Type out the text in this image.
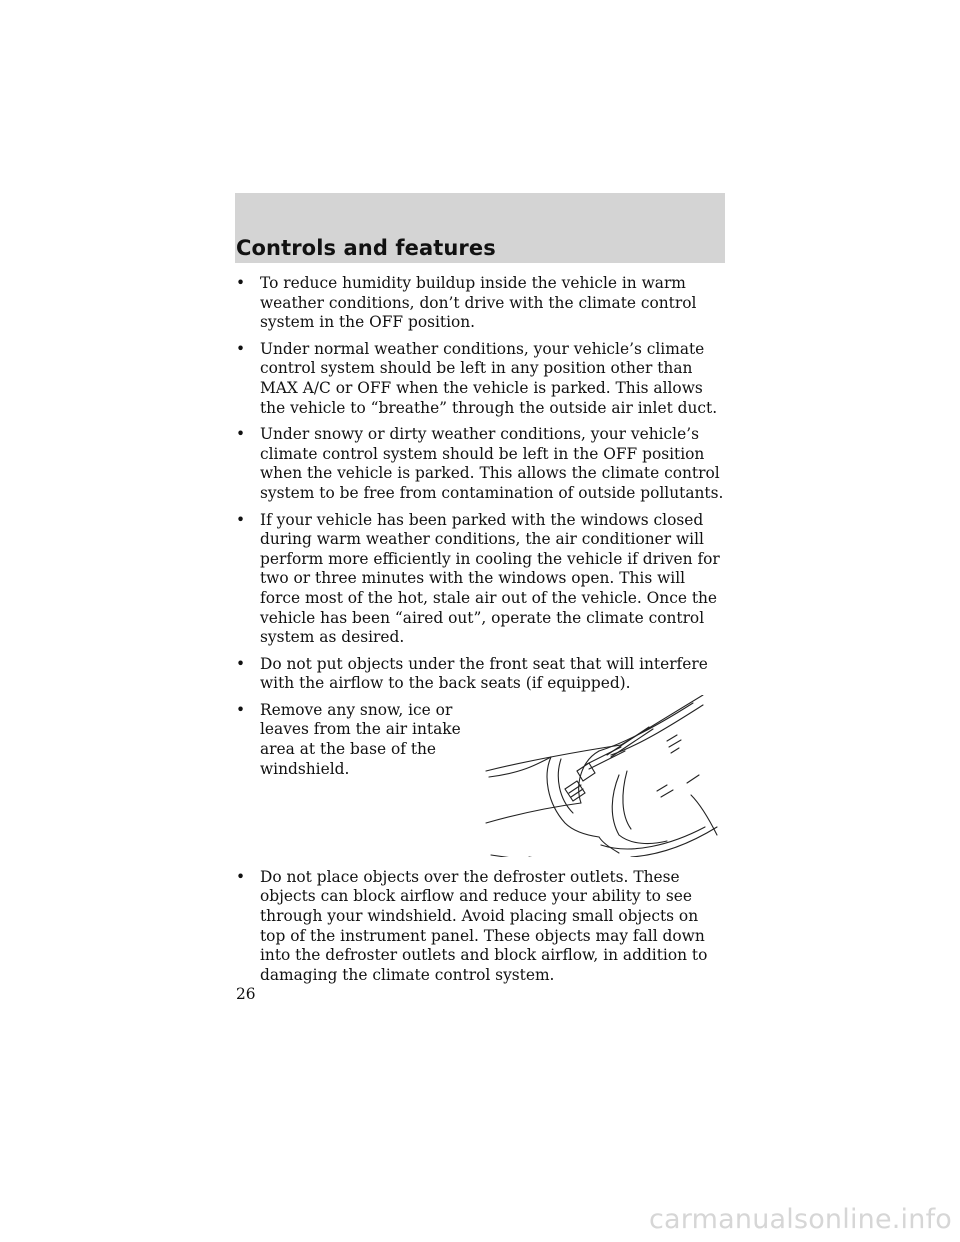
Controls and features
• To reduce humidity buildup inside the vehicle in warm weather conditions, don’t drive with the climate control system in the OFF position.
• Under normal weather conditions, your vehicle’s climate control system should be left in any position other than MAX A/C or OFF when the vehicle is parked. This allows the vehicle to “breathe” through the outside air inlet duct.
• Under snowy or dirty weather conditions, your vehicle’s climate control system should be left in the OFF position when the vehicle is parked. This allows the climate control system to be free from contamination of outside pollutants.
• If your vehicle has been parked with the windows closed during warm weather conditions, the air conditioner will perform more efficiently in cooling the vehicle if driven for two or three minutes with the windows open. This will force most of the hot, stale air out of the vehicle. Once the vehicle has been “aired out”, operate the climate control system as desired.
• Do not put objects under the front seat that will interfere with the airflow to the back seats (if equipped).
• Remove any snow, ice or leaves from the air intake area at the base of the windshield.
• Do not place objects over the defroster outlets. These objects can block airflow and reduce your ability to see through your windshield. Avoid placing small objects on top of the instrument panel. These objects may fall down into the defroster outlets and block airflow, in addition to damaging the climate control system.
26
carmanualsonline.info
